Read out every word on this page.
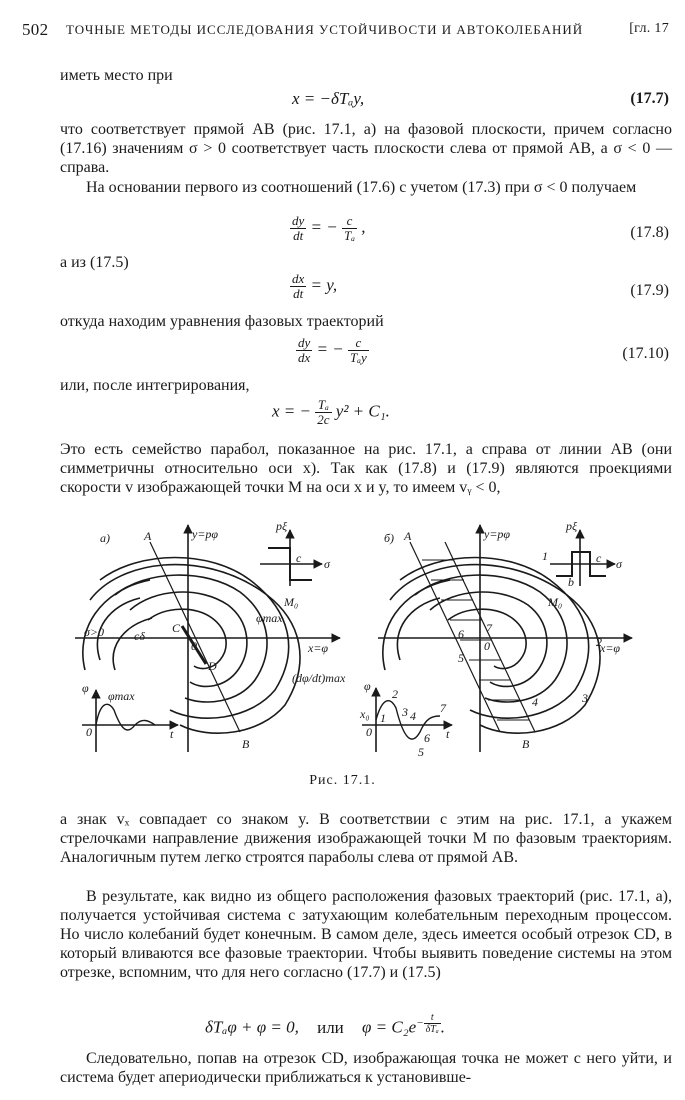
502 ТОЧНЫЕ МЕТОДЫ ИССЛЕДОВАНИЯ УСТОЙЧИВОСТИ И АВТОКОЛЕБАНИЙ	[гл. 17
иметь место при
x = −δTₐy,	(17.7)
что соответствует прямой AB (рис. 17.1, а) на фазовой плоскости, причем согласно (17.16) значениям σ > 0 соответствует часть плоскости слева от прямой AB, а σ < 0 — справа.
На основании первого из соотношений (17.6) с учетом (17.3) при σ < 0 получаем
$\frac{dy}{dt}$ = − $\frac{c}{\text{Tₐ}}$ ,	(17.8)
а из (17.5)
$\frac{dx}{dt} = y$,	(17.9)
откуда находим уравнения фазовых траекторий
$\frac{dy}{dx}$ = − $\frac{c}{\text{Tₐy}}$	(17.10)
или, после интегрирования,
x = − $\frac{\text{Tₐ}}{2c} y^2 + C_1$.
Это есть семейство парабол, показанное на рис. 17.1, а справа от линии AB (они симметричны относительно оси x). Так как (17.8) и (17.9) являются проекциями скорости v изображающей точки M на оси x и y, то имеем vᵧ < 0,
а)	y=pφ
x=φ
A
B
C
D
0
M₀
φmax
σ>0 cδ
(dφ/dt)max
pξ
c σ
φ
φmax
t
0
б)	y=pφ
x=φ
A
B
0
M₀
pξ
c σ
b
φ
x₀
t
0
1
2
3 4
5
6
7
1
2
3
4
5
6 7
Рис. 17.1.
а знак vₓ совпадает со знаком y. В соответствии с этим на рис. 17.1, а укажем стрелочками направление движения изображающей точки M по фазовым траекториям. Аналогичным путем легко строятся параболы слева от прямой AB.
В результате, как видно из общего расположения фазовых траекторий (рис. 17.1, а), получается устойчивая система с затухающим колебательным переходным процессом. Но число колебаний будет конечным. В самом деле, здесь имеется особый отрезок CD, в который вливаются все фазовые траектории. Чтобы выявить поведение системы на этом отрезке, вспомним, что для него согласно (17.7) и (17.5)
δTₐφ + φ = 0, или $\varphi = C_2e^{- \frac{t}{\text{δTₐ}}}$ .
Следовательно, попав на отрезок CD, изображающая точка не может с него уйти, и система будет апериодически приближаться к установивше-
